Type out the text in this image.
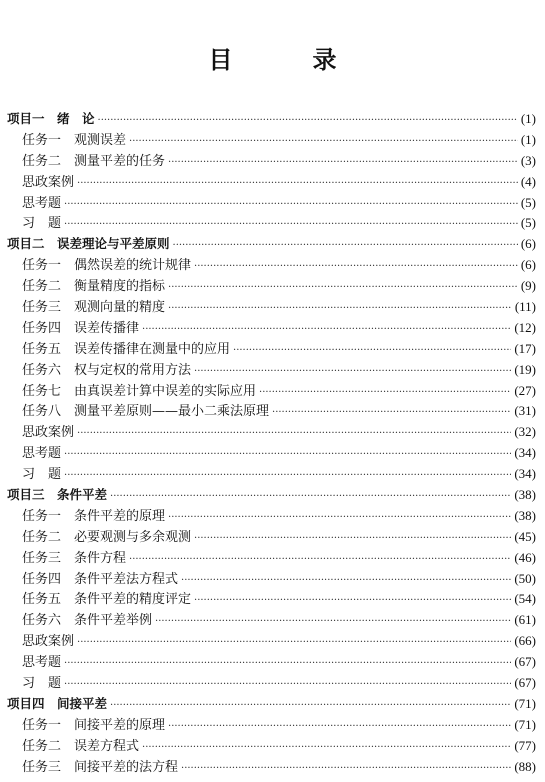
目　录
项目一　绪　论 ·····	(1)
任务一　观测误差 ·····	(1)
任务二　测量平差的任务 ·····	(3)
思政案例 ·····	(4)
思考题 ·····	(5)
习　题 ·····	(5)
项目二　误差理论与平差原则 ·····	(6)
任务一　偶然误差的统计规律 ·····	(6)
任务二　衡量精度的指标 ·····	(9)
任务三　观测向量的精度 ·····	(11)
任务四　误差传播律 ·····	(12)
任务五　误差传播律在测量中的应用 ·····	(17)
任务六　权与定权的常用方法 ·····	(19)
任务七　由真误差计算中误差的实际应用 ·····	(27)
任务八　测量平差原则——最小二乘法原理 ·····	(31)
思政案例 ·····	(32)
思考题 ·····	(34)
习　题 ·····	(34)
项目三　条件平差 ·····	(38)
任务一　条件平差的原理 ·····	(38)
任务二　必要观测与多余观测 ·····	(45)
任务三　条件方程 ·····	(46)
任务四　条件平差法方程式 ·····	(50)
任务五　条件平差的精度评定 ·····	(54)
任务六　条件平差举例 ·····	(61)
思政案例 ·····	(66)
思考题 ·····	(67)
习　题 ·····	(67)
项目四　间接平差 ·····	(71)
任务一　间接平差的原理 ·····	(71)
任务二　误差方程式 ·····	(77)
任务三　间接平差的法方程 ·····	(88)
